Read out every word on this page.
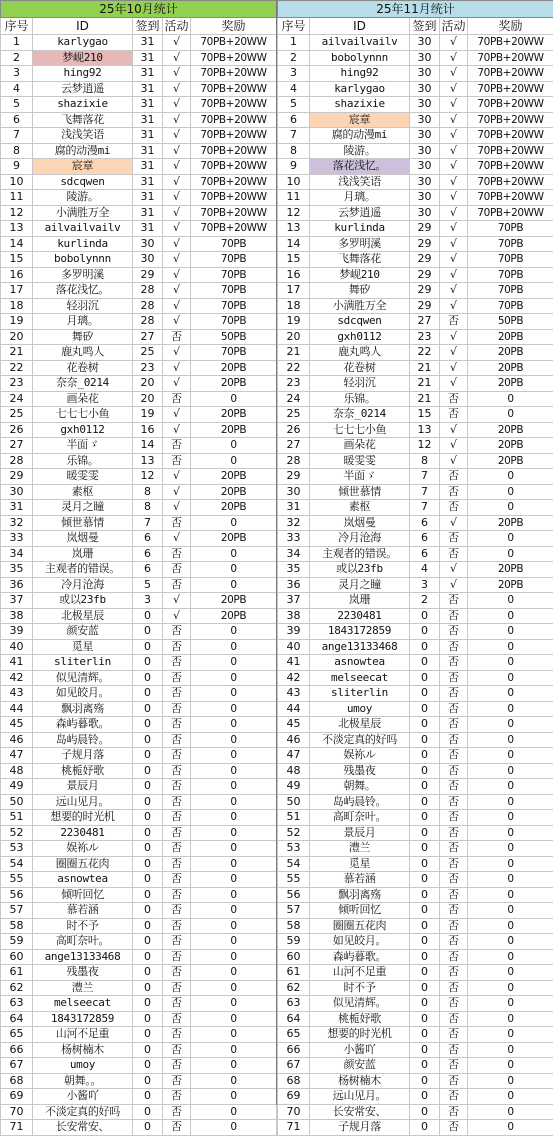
25年10月统计				
序号	ID	签到	活动	奖励
1	karlygao	31	√	70PB+20WW
2	梦岘210	31	√	70PB+20WW
3	hing92	31	√	70PB+20WW
4	云梦逍遥	31	√	70PB+20WW
5	shazixie	31	√	70PB+20WW
6	飞舞落花	31	√	70PB+20WW
7	浅浅笑语	31	√	70PB+20WW
8	腐的动漫mi	31	√	70PB+20WW
9	宸章	31	√	70PB+20WW
10	sdcqwen	31	√	70PB+20WW
11	陵游。	31	√	70PB+20WW
12	小满胜万全	31	√	70PB+20WW
13	ailvailvailv	31	√	70PB+20WW
14	kurlinda	30	√	70PB
15	bobolynnn	30	√	70PB
16	多罗明溪	29	√	70PB
17	落花浅忆。	28	√	70PB
18	轻羽沉	28	√	70PB
19	月璃。	28	√	70PB
20	舞矽	27	否	50PB
21	鹿丸鸣人	25	√	70PB
22	花卷树	23	√	20PB
23	奈奈_0214	20	√	20PB
24	画朵花	20	否	0
25	七七七小鱼	19	√	20PB
26	gxh0112	16	√	20PB
27	半面ゞ	14	否	0
28	乐锦。	13	否	0
29	暖雯雯	12	√	20PB
30	素枢	8	√	20PB
31	灵月之瞳	8	√	20PB
32	倾世慕情	7	否	0
33	岚烟曼	6	√	20PB
34	岚珊	6	否	0
35	主观者的错误。	6	否	0
36	冷月沧海	5	否	0
37	或以23fb	3	√	20PB
38	北极星辰	0	√	20PB
39	颜安蓝	0	否	0
40	觅星	0	否	0
41	sliterlin	0	否	0
42	似见清辉。	0	否	0
43	如见皎月。	0	否	0
44	飘羽离殇	0	否	0
45	森屿暮歌。	0	否	0
46	岛屿晨铃。	0	否	0
47	子规月落	0	否	0
48	桃栀妤歌	0	否	0
49	景辰月	0	否	0
50	远山见月。	0	否	0
51	想要的时光机	0	否	0
52	2230481	0	否	0
53	娱袮ル	0	否	0
54	圈圈五花肉	0	否	0
55	asnowtea	0	否	0
56	倾听回忆	0	否	0
57	慕若涵	0	否	0
58	时不予	0	否	0
59	高町奈叶。	0	否	0
60	ange13133468	0	否	0
61	残墨夜	0	否	0
62	澧兰	0	否	0
63	melseecat	0	否	0
64	1843172859	0	否	0
65	山河不足重	0	否	0
66	杨树楠木	0	否	0
67	umoy	0	否	0
68	朝舞。。	0	否	0
69	小酱吖	0	否	0
70	不淡定真的好吗	0	否	0
71	长安常安、	0	否	0
25年11月统计				
序号	ID	签到	活动	奖励
1	ailvailvailv	30	√	70PB+20WW
2	bobolynnn	30	√	70PB+20WW
3	hing92	30	√	70PB+20WW
4	karlygao	30	√	70PB+20WW
5	shazixie	30	√	70PB+20WW
6	宸章	30	√	70PB+20WW
7	腐的动漫mi	30	√	70PB+20WW
8	陵游。	30	√	70PB+20WW
9	落花浅忆。	30	√	70PB+20WW
10	浅浅笑语	30	√	70PB+20WW
11	月璃。	30	√	70PB+20WW
12	云梦逍遥	30	√	70PB+20WW
13	kurlinda	29	√	70PB
14	多罗明溪	29	√	70PB
15	飞舞落花	29	√	70PB
16	梦岘210	29	√	70PB
17	舞矽	29	√	70PB
18	小满胜万全	29	√	70PB
19	sdcqwen	27	否	50PB
20	gxh0112	23	√	20PB
21	鹿丸鸣人	22	√	20PB
22	花卷树	21	√	20PB
23	轻羽沉	21	√	20PB
24	乐锦。	21	否	0
25	奈奈_0214	15	否	0
26	七七七小鱼	13	√	20PB
27	画朵花	12	√	20PB
28	暖雯雯	8	√	20PB
29	半面ゞ	7	否	0
30	倾世慕情	7	否	0
31	素枢	7	否	0
32	岚烟曼	6	√	20PB
33	冷月沧海	6	否	0
34	主观者的错误。	6	否	0
35	或以23fb	4	√	20PB
36	灵月之瞳	3	√	20PB
37	岚珊	2	否	0
38	2230481	0	否	0
39	1843172859	0	否	0
40	ange13133468	0	否	0
41	asnowtea	0	否	0
42	melseecat	0	否	0
43	sliterlin	0	否	0
44	umoy	0	否	0
45	北极星辰	0	否	0
46	不淡定真的好吗	0	否	0
47	娱袮ル	0	否	0
48	残墨夜	0	否	0
49	朝舞。	0	否	0
50	岛屿晨铃。	0	否	0
51	高町奈叶。	0	否	0
52	景辰月	0	否	0
53	澧兰	0	否	0
54	觅星	0	否	0
55	慕若涵	0	否	0
56	飘羽离殇	0	否	0
57	倾听回忆	0	否	0
58	圈圈五花肉	0	否	0
59	如见皎月。	0	否	0
60	森屿暮歌。	0	否	0
61	山河不足重	0	否	0
62	时不予	0	否	0
63	似见清辉。	0	否	0
64	桃栀妤歌	0	否	0
65	想要的时光机	0	否	0
66	小酱吖	0	否	0
67	颜安蓝	0	否	0
68	杨树楠木	0	否	0
69	远山见月。	0	否	0
70	长安常安、	0	否	0
71	子规月落	0	否	0
